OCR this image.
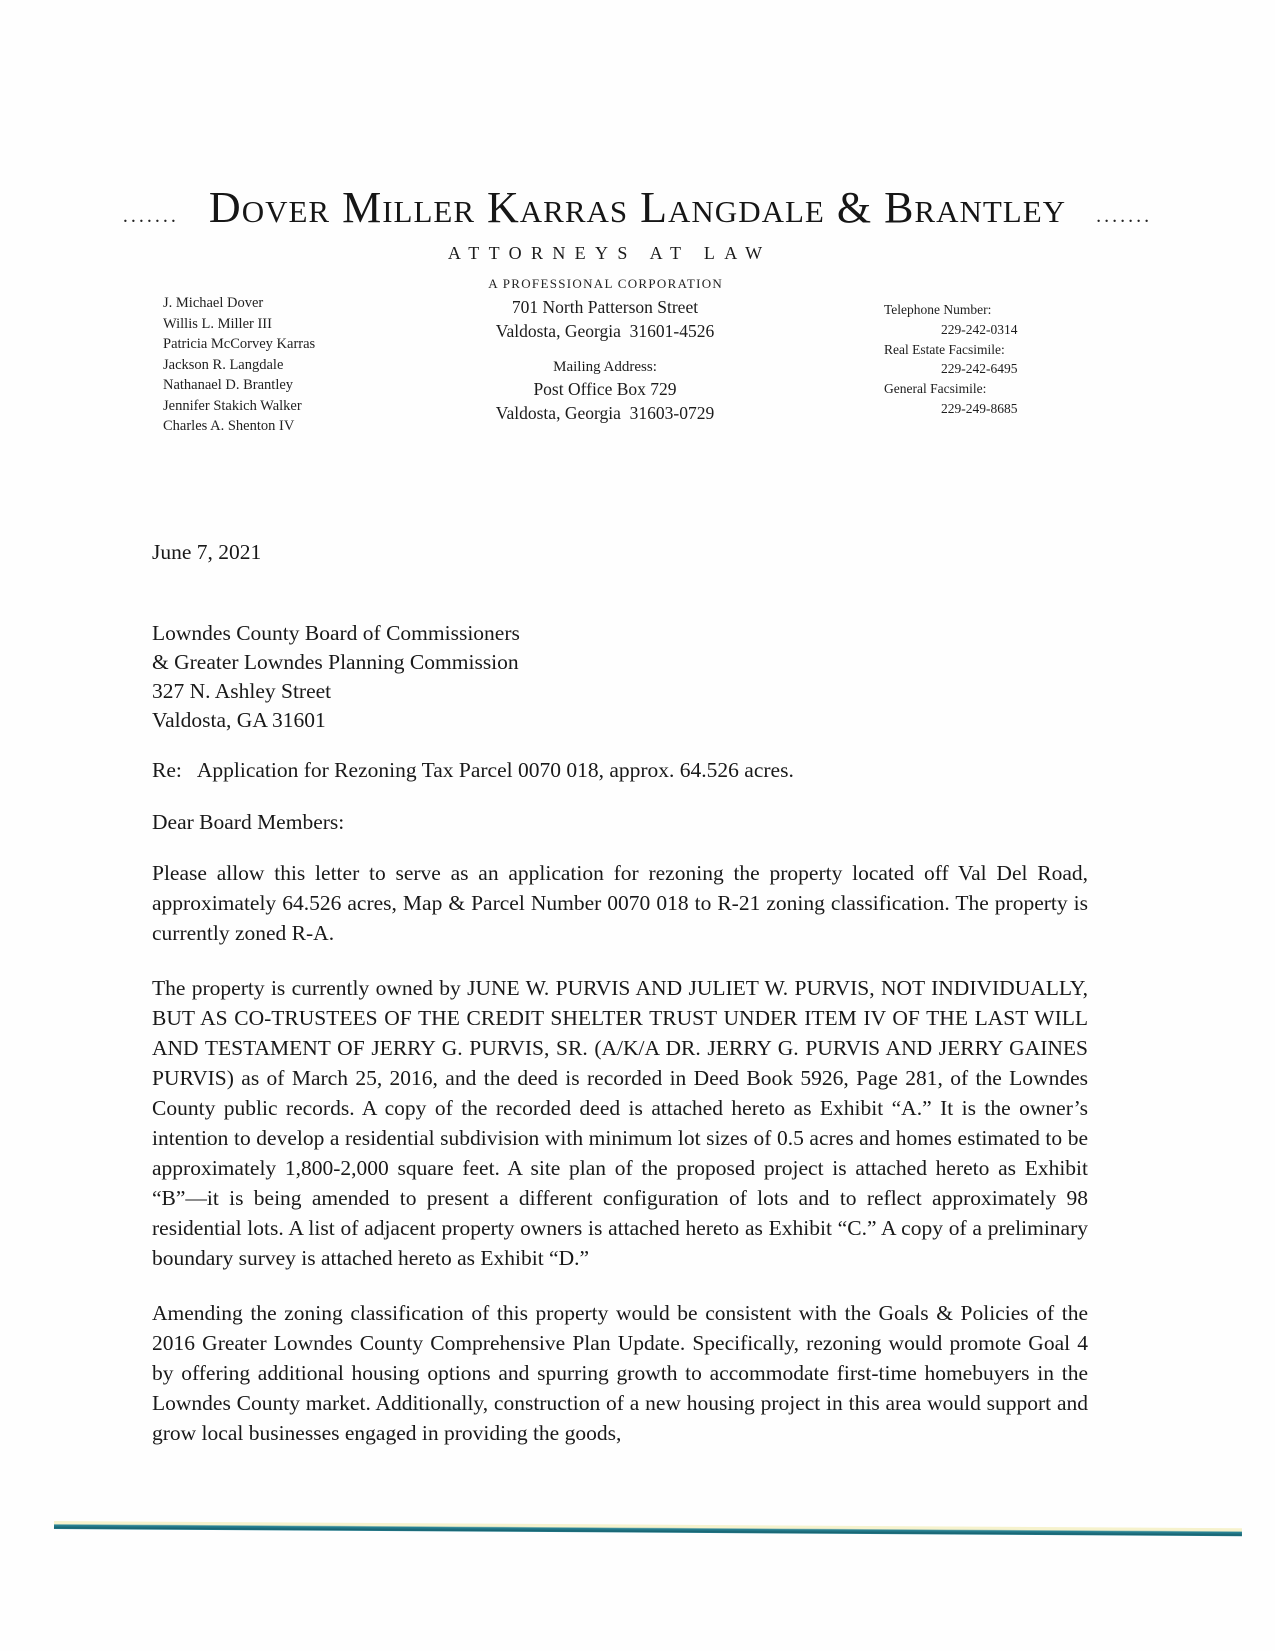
....... Dover Miller Karras Langdale & Brantley .......
ATTORNEYS AT LAW
A PROFESSIONAL CORPORATION
J. Michael Dover
Willis L. Miller III
Patricia McCorvey Karras
Jackson R. Langdale
Nathanael D. Brantley
Jennifer Stakich Walker
Charles A. Shenton IV
701 North Patterson Street
Valdosta, Georgia  31601-4526
Mailing Address:
Post Office Box 729
Valdosta, Georgia  31603-0729
Telephone Number:
229-242-0314
Real Estate Facsimile:
229-242-6495
General Facsimile:
229-249-8685
June 7, 2021
Lowndes County Board of Commissioners
& Greater Lowndes Planning Commission
327 N. Ashley Street
Valdosta, GA 31601
Re: Application for Rezoning Tax Parcel 0070 018, approx. 64.526 acres.
Dear Board Members:

Please allow this letter to serve as an application for rezoning the property located off Val Del Road, approximately 64.526 acres, Map & Parcel Number 0070 018 to R-21 zoning classification. The property is currently zoned R-A.

The property is currently owned by JUNE W. PURVIS AND JULIET W. PURVIS, NOT INDIVIDUALLY, BUT AS CO-TRUSTEES OF THE CREDIT SHELTER TRUST UNDER ITEM IV OF THE LAST WILL AND TESTAMENT OF JERRY G. PURVIS, SR. (A/K/A DR. JERRY G. PURVIS AND JERRY GAINES PURVIS) as of March 25, 2016, and the deed is recorded in Deed Book 5926, Page 281, of the Lowndes County public records. A copy of the recorded deed is attached hereto as Exhibit “A.” It is the owner’s intention to develop a residential subdivision with minimum lot sizes of 0.5 acres and homes estimated to be approximately 1,800-2,000 square feet. A site plan of the proposed project is attached hereto as Exhibit “B”—it is being amended to present a different configuration of lots and to reflect approximately 98 residential lots. A list of adjacent property owners is attached hereto as Exhibit “C.” A copy of a preliminary boundary survey is attached hereto as Exhibit “D.”

Amending the zoning classification of this property would be consistent with the Goals & Policies of the 2016 Greater Lowndes County Comprehensive Plan Update. Specifically, rezoning would promote Goal 4 by offering additional housing options and spurring growth to accommodate first-time homebuyers in the Lowndes County market. Additionally, construction of a new housing project in this area would support and grow local businesses engaged in providing the goods,
